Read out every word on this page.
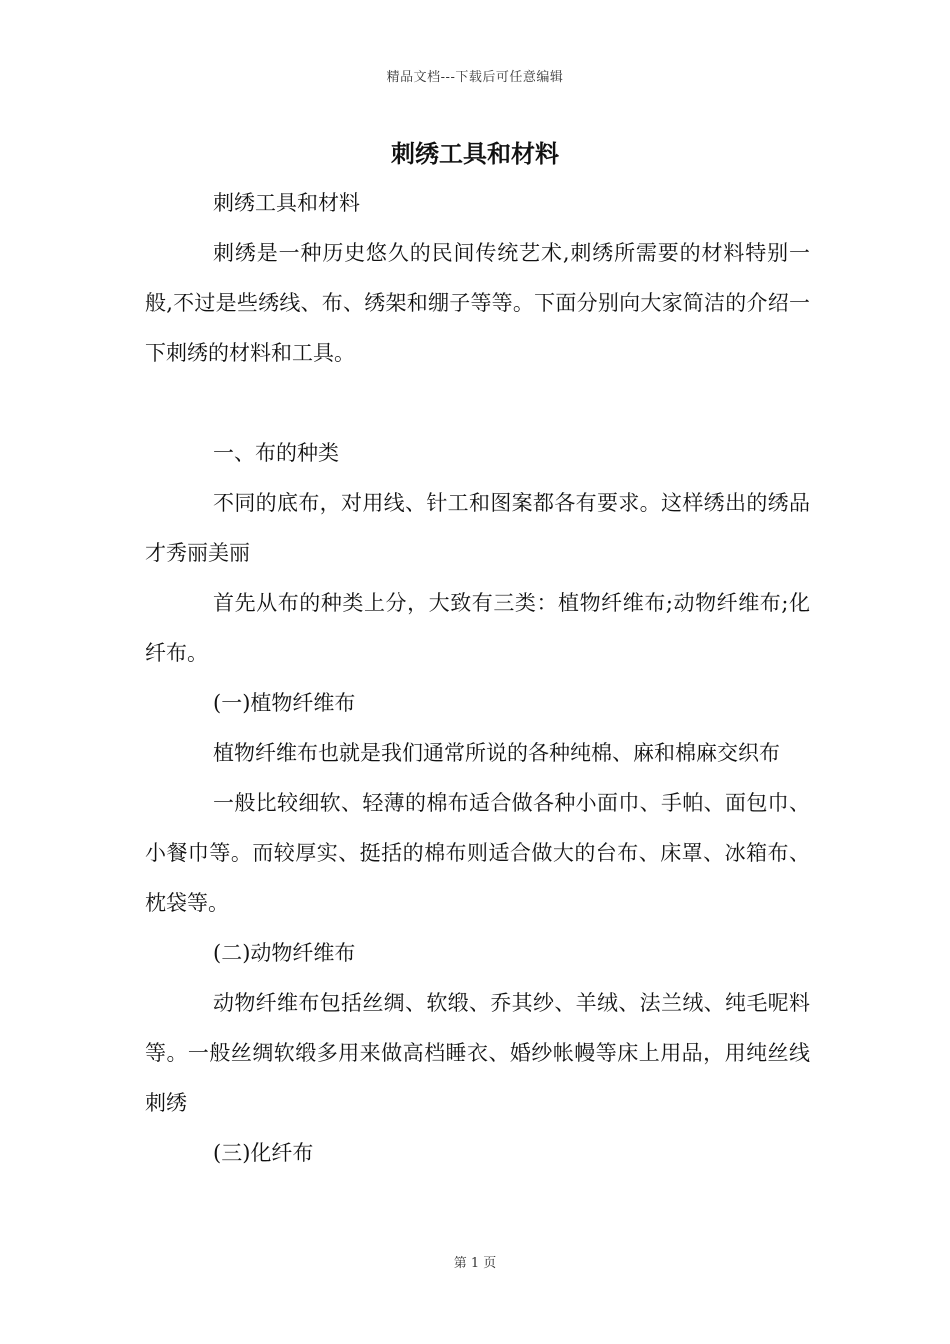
精品文档---下载后可任意编辑
刺绣工具和材料

刺绣工具和材料

刺绣是一种历史悠久的民间传统艺术,刺绣所需要的材料特别一般,不过是些绣线、布、绣架和绷子等等。下面分别向大家简洁的介绍一下刺绣的材料和工具。

一、布的种类

不同的底布，对用线、针工和图案都各有要求。这样绣出的绣品才秀丽美丽

首先从布的种类上分，大致有三类：植物纤维布;动物纤维布;化纤布。

(一)植物纤维布

植物纤维布也就是我们通常所说的各种纯棉、麻和棉麻交织布

一般比较细软、轻薄的棉布适合做各种小面巾、手帕、面包巾、小餐巾等。而较厚实、挺括的棉布则适合做大的台布、床罩、冰箱布、枕袋等。

(二)动物纤维布

动物纤维布包括丝绸、软缎、乔其纱、羊绒、法兰绒、纯毛呢料等。一般丝绸软缎多用来做高档睡衣、婚纱帐幔等床上用品，用纯丝线刺绣

(三)化纤布

第 1 页
